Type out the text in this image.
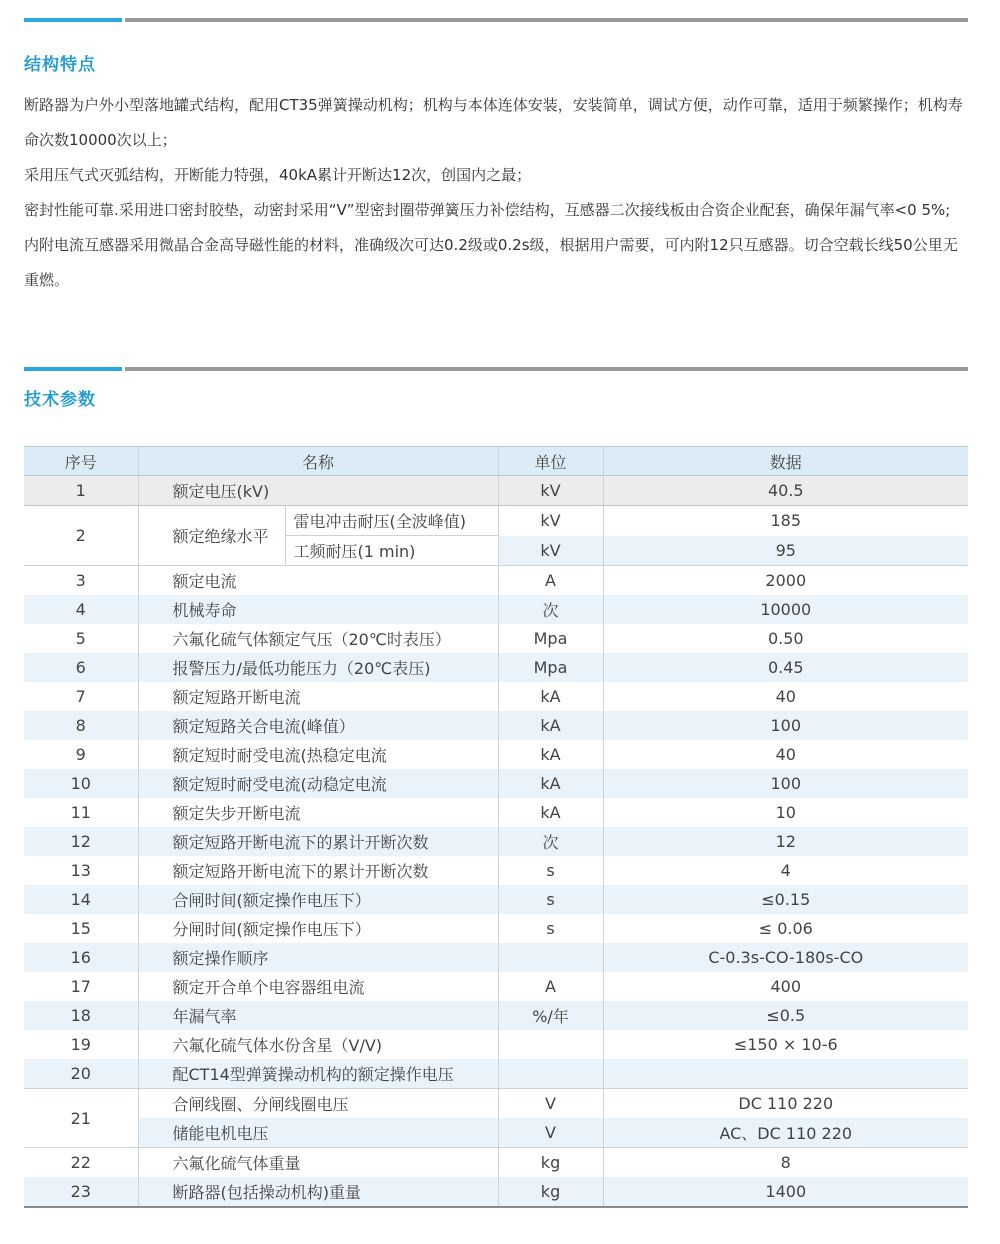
结构特点

断路器为户外小型落地罐式结构，配用CT35弹簧操动机构；机构与本体连体安装，安装简单，调试方便，动作可靠，适用于频繁操作；机构寿命次数10000次以上；

采用压气式灭弧结构，开断能力特强，40kA累计开断达12次，创国内之最；

密封性能可靠.采用进口密封胶垫，动密封采用“V”型密封圈带弹簧压力补偿结构，互感器二次接线板由合资企业配套，确保年漏气率<0 5%;

内附电流互感器采用微晶合金高导磁性能的材料，准确级次可达0.2级或0.2s级，根据用户需要，可内附12只互感器。切合空载长线50公里无重燃。

技术参数
序号	名称		单位	数据
1	额定电压(kV)		kV	40.5
2	额定绝缘水平	雷电冲击耐压(全波峰值)	kV	185
		工频耐压(1 min)	kV	95
3	额定电流		A	2000
4	机械寿命		次	10000
5	六氟化硫气体额定气压（20℃时表压）		Mpa	0.50
6	报警压力/最低功能压力（20℃表压)		Mpa	0.45
7	额定短路开断电流		kA	40
8	额定短路关合电流(峰值）		kA	100
9	额定短时耐受电流(热稳定电流		kA	40
10	额定短时耐受电流(动稳定电流		kA	100
11	额定失步开断电流		kA	10
12	额定短路开断电流下的累计开断次数		次	12
13	额定短路开断电流下的累计开断次数		s	4
14	合闸时间(额定操作电压下）		s	≤0.15
15	分闸时间(额定操作电压下）		s	≤ 0.06
16	额定操作顺序			C-0.3s-CO-180s-CO
17	额定开合单个电容器组电流		A	400
18	年漏气率		%/年	≤0.5
19	六氟化硫气体水份含星（V/V)			≤150 × 10-6
20	配CT14型弹簧操动机构的额定操作电压			
21	合闸线圈、分闸线圈电压		V	DC 110 220
	储能电机电压		V	AC、DC 110 220
22	六氟化硫气体重量		kg	8
23	断路器(包括操动机构)重量		kg	1400
